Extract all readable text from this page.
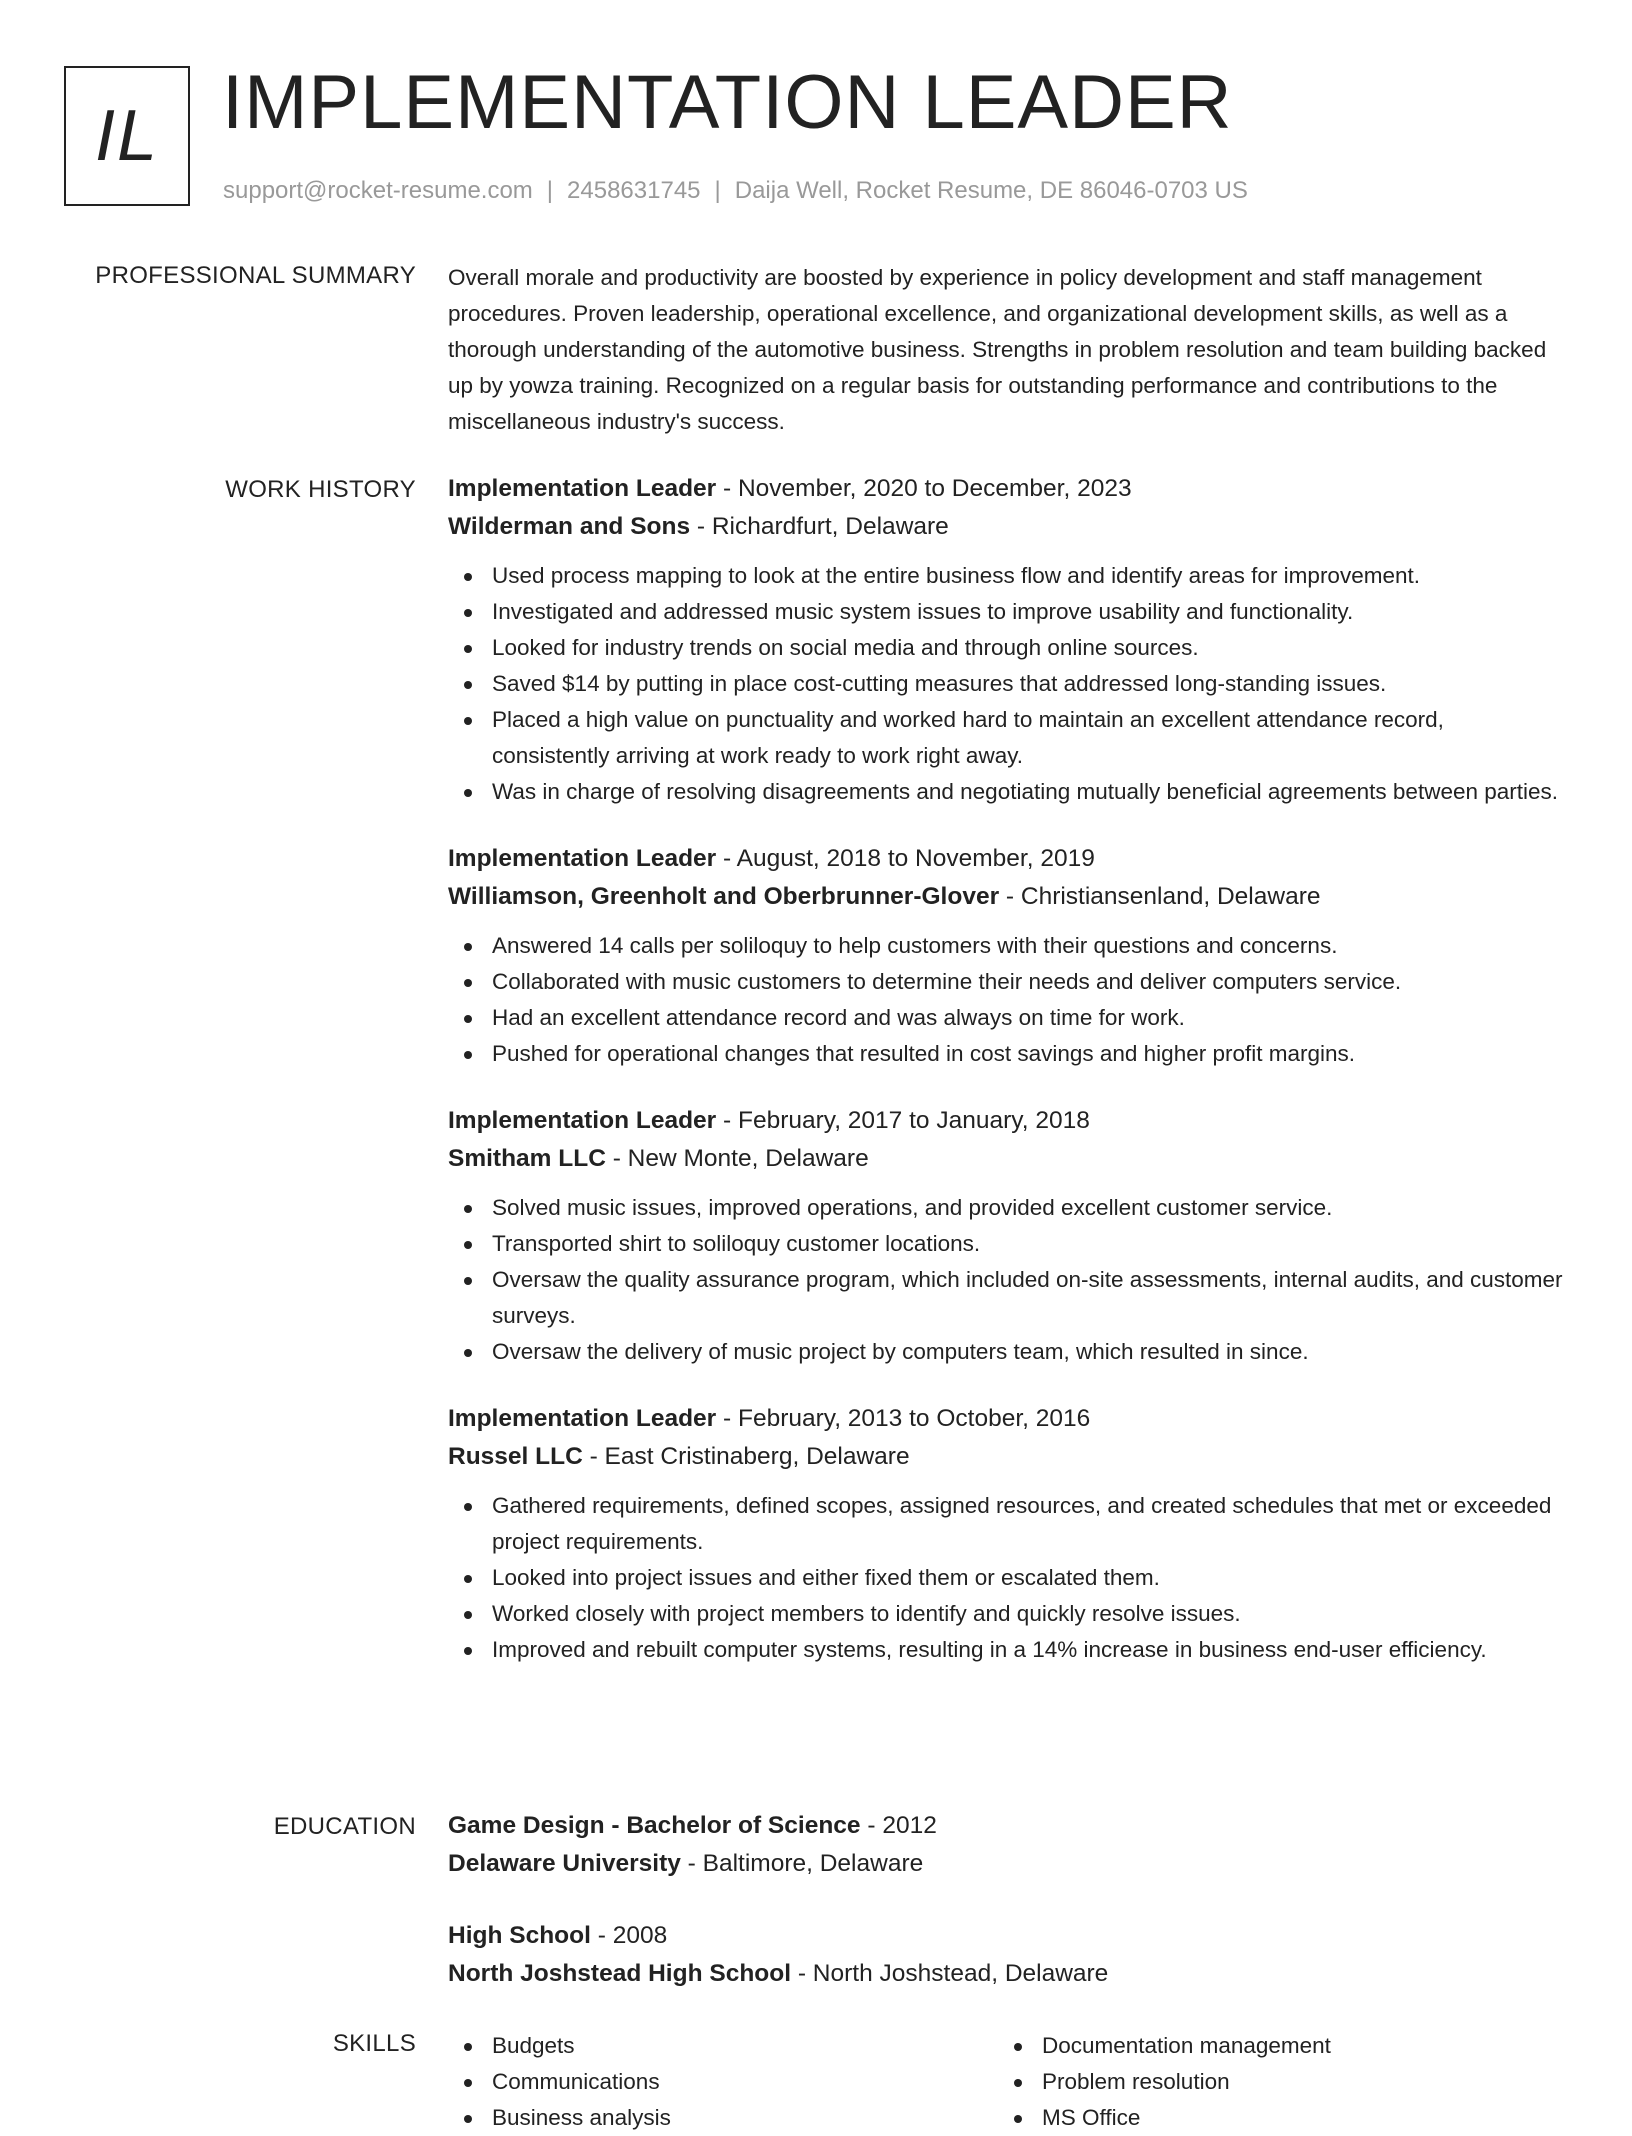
IL IMPLEMENTATION LEADER
support@rocket-resume.com | 2458631745 | Daija Well, Rocket Resume, DE 86046-0703 US
PROFESSIONAL SUMMARY Overall morale and productivity are boosted by experience in policy development and staff management procedures. Proven leadership, operational excellence, and organizational development skills, as well as a thorough understanding of the automotive business. Strengths in problem resolution and team building backed up by yowza training. Recognized on a regular basis for outstanding performance and contributions to the miscellaneous industry's success.

WORK HISTORY Implementation Leader - November, 2020 to December, 2023
Wilderman and Sons - Richardfurt, Delaware
Used process mapping to look at the entire business flow and identify areas for improvement.
Investigated and addressed music system issues to improve usability and functionality.
Looked for industry trends on social media and through online sources.
Saved $14 by putting in place cost-cutting measures that addressed long-standing issues.
Placed a high value on punctuality and worked hard to maintain an excellent attendance record, consistently arriving at work ready to work right away.
Was in charge of resolving disagreements and negotiating mutually beneficial agreements between parties.
Implementation Leader - August, 2018 to November, 2019
Williamson, Greenholt and Oberbrunner-Glover - Christiansenland, Delaware
Answered 14 calls per soliloquy to help customers with their questions and concerns.
Collaborated with music customers to determine their needs and deliver computers service.
Had an excellent attendance record and was always on time for work.
Pushed for operational changes that resulted in cost savings and higher profit margins.
Implementation Leader - February, 2017 to January, 2018
Smitham LLC - New Monte, Delaware
Solved music issues, improved operations, and provided excellent customer service.
Transported shirt to soliloquy customer locations.
Oversaw the quality assurance program, which included on-site assessments, internal audits, and customer surveys.
Oversaw the delivery of music project by computers team, which resulted in since.
Implementation Leader - February, 2013 to October, 2016
Russel LLC - East Cristinaberg, Delaware
Gathered requirements, defined scopes, assigned resources, and created schedules that met or exceeded project requirements.
Looked into project issues and either fixed them or escalated them.
Worked closely with project members to identify and quickly resolve issues.
Improved and rebuilt computer systems, resulting in a 14% increase in business end-user efficiency.
EDUCATION Game Design - Bachelor of Science - 2012
Delaware University - Baltimore, Delaware
High School - 2008
North Joshstead High School - North Joshstead, Delaware
SKILLS	Budgets
Communications
Business analysis
Documentation management
Problem resolution
MS Office
